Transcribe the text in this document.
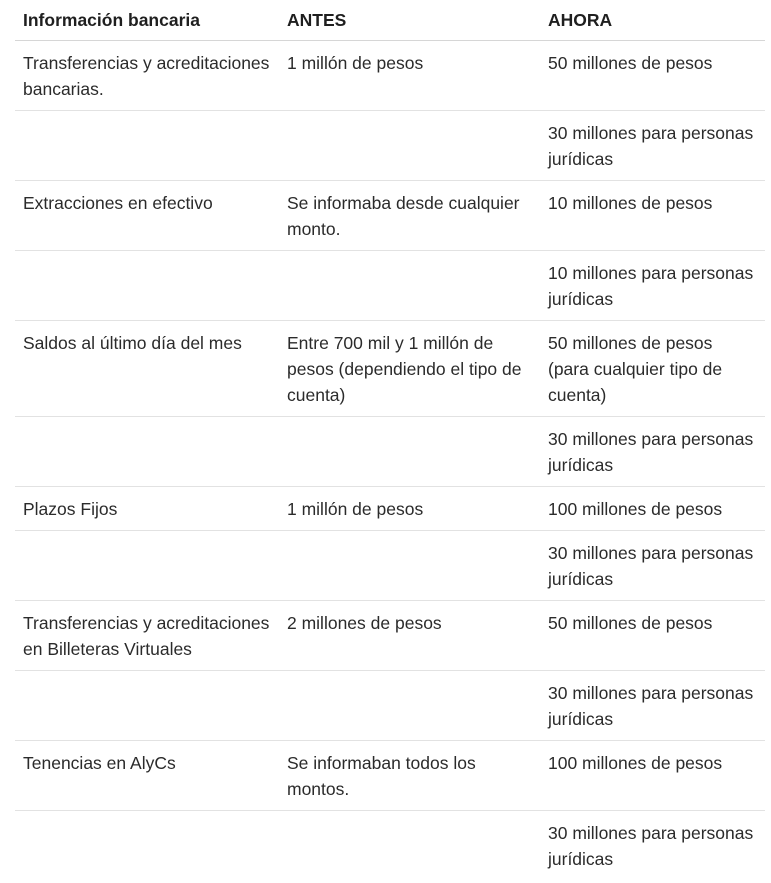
Información bancaria	ANTES	AHORA
Transferencias y acreditaciones bancarias.	1 millón de pesos	50 millones de pesos
		30 millones para personas jurídicas
Extracciones en efectivo	Se informaba desde cualquier monto.	10 millones de pesos
		10 millones para personas jurídicas
Saldos al último día del mes	Entre 700 mil y 1 millón de pesos (dependiendo el tipo de cuenta)	50 millones de pesos (para cualquier tipo de cuenta)
		30 millones para personas jurídicas
Plazos Fijos	1 millón de pesos	100 millones de pesos
		30 millones para personas jurídicas
Transferencias y acreditaciones en Billeteras Virtuales	2 millones de pesos	50 millones de pesos
		30 millones para personas jurídicas
Tenencias en AlyCs	Se informaban todos los montos.	100 millones de pesos
		30 millones para personas jurídicas
